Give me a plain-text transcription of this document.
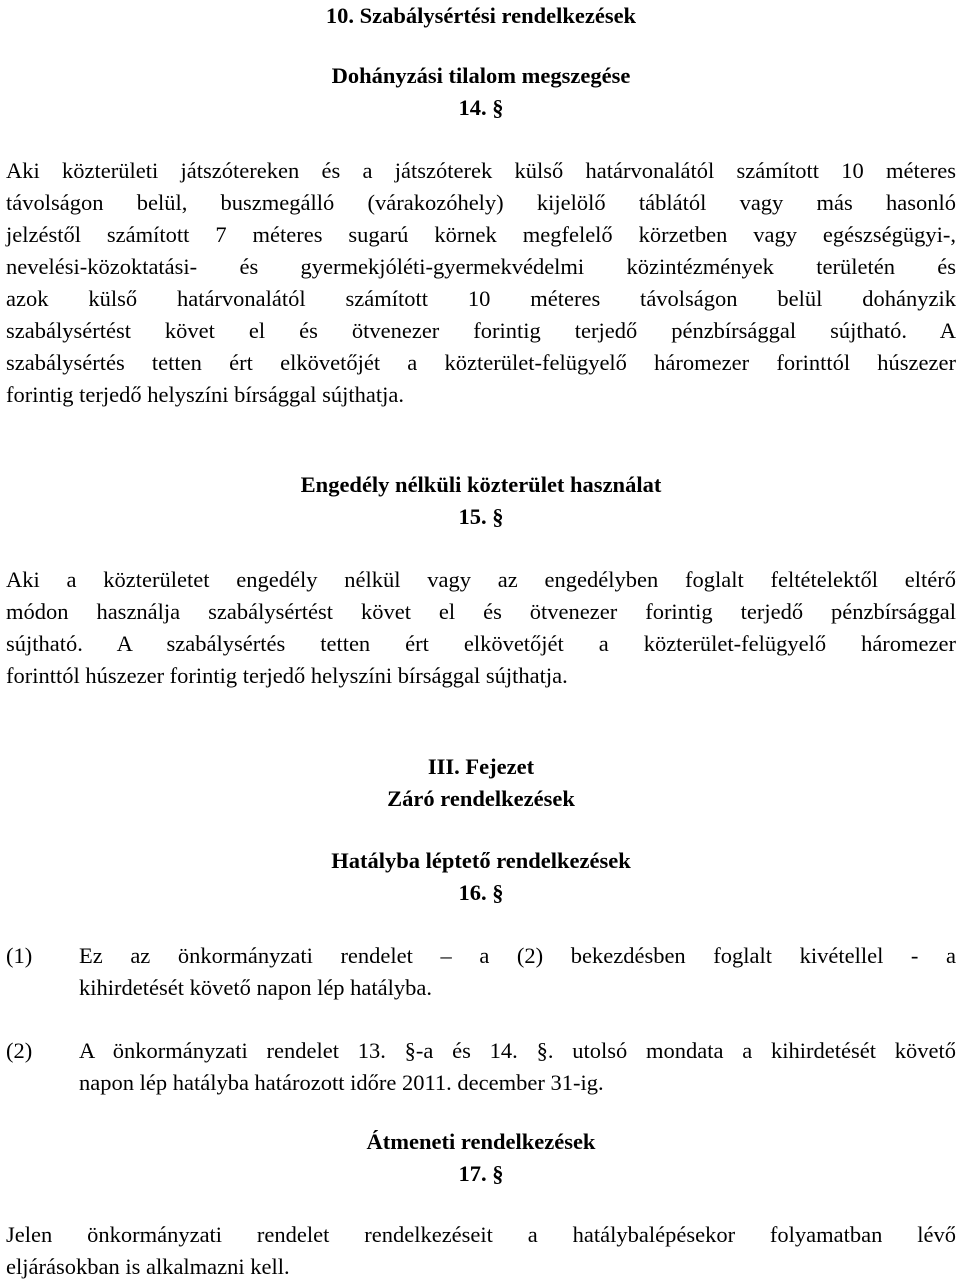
10. Szabálysértési rendelkezések
Dohányzási tilalom megszegése
14. §
Aki közterületi játszótereken és a játszóterek külső határvonalától számított 10 méteres
távolságon belül, buszmegálló (várakozóhely) kijelölő táblától vagy más hasonló
jelzéstől számított 7 méteres sugarú körnek megfelelő körzetben vagy egészségügyi-,
nevelési-közoktatási- és gyermekjóléti-gyermekvédelmi közintézmények területén és
azok külső határvonalától számított 10 méteres távolságon belül dohányzik
szabálysértést követ el és ötvenezer forintig terjedő pénzbírsággal sújtható. A
szabálysértés tetten ért elkövetőjét a közterület-felügyelő háromezer forinttól húszezer
forintig terjedő helyszíni bírsággal sújthatja.
Engedély nélküli közterület használat
15. §
Aki a közterületet engedély nélkül vagy az engedélyben foglalt feltételektől eltérő
módon használja szabálysértést követ el és ötvenezer forintig terjedő pénzbírsággal
sújtható. A szabálysértés tetten ért elkövetőjét a közterület-felügyelő háromezer
forinttól húszezer forintig terjedő helyszíni bírsággal sújthatja.
III. Fejezet
Záró rendelkezések
Hatályba léptető rendelkezések
16. §
(1)	Ez az önkormányzati rendelet – a (2) bekezdésben foglalt kivétellel - a
kihirdetését követő napon lép hatályba.
(2)	A önkormányzati rendelet 13. §-a és 14. §. utolsó mondata a kihirdetését követő
napon lép hatályba határozott időre 2011. december 31-ig.
Átmeneti rendelkezések
17. §
Jelen önkormányzati rendelet rendelkezéseit a hatálybalépésekor folyamatban lévő
eljárásokban is alkalmazni kell.
